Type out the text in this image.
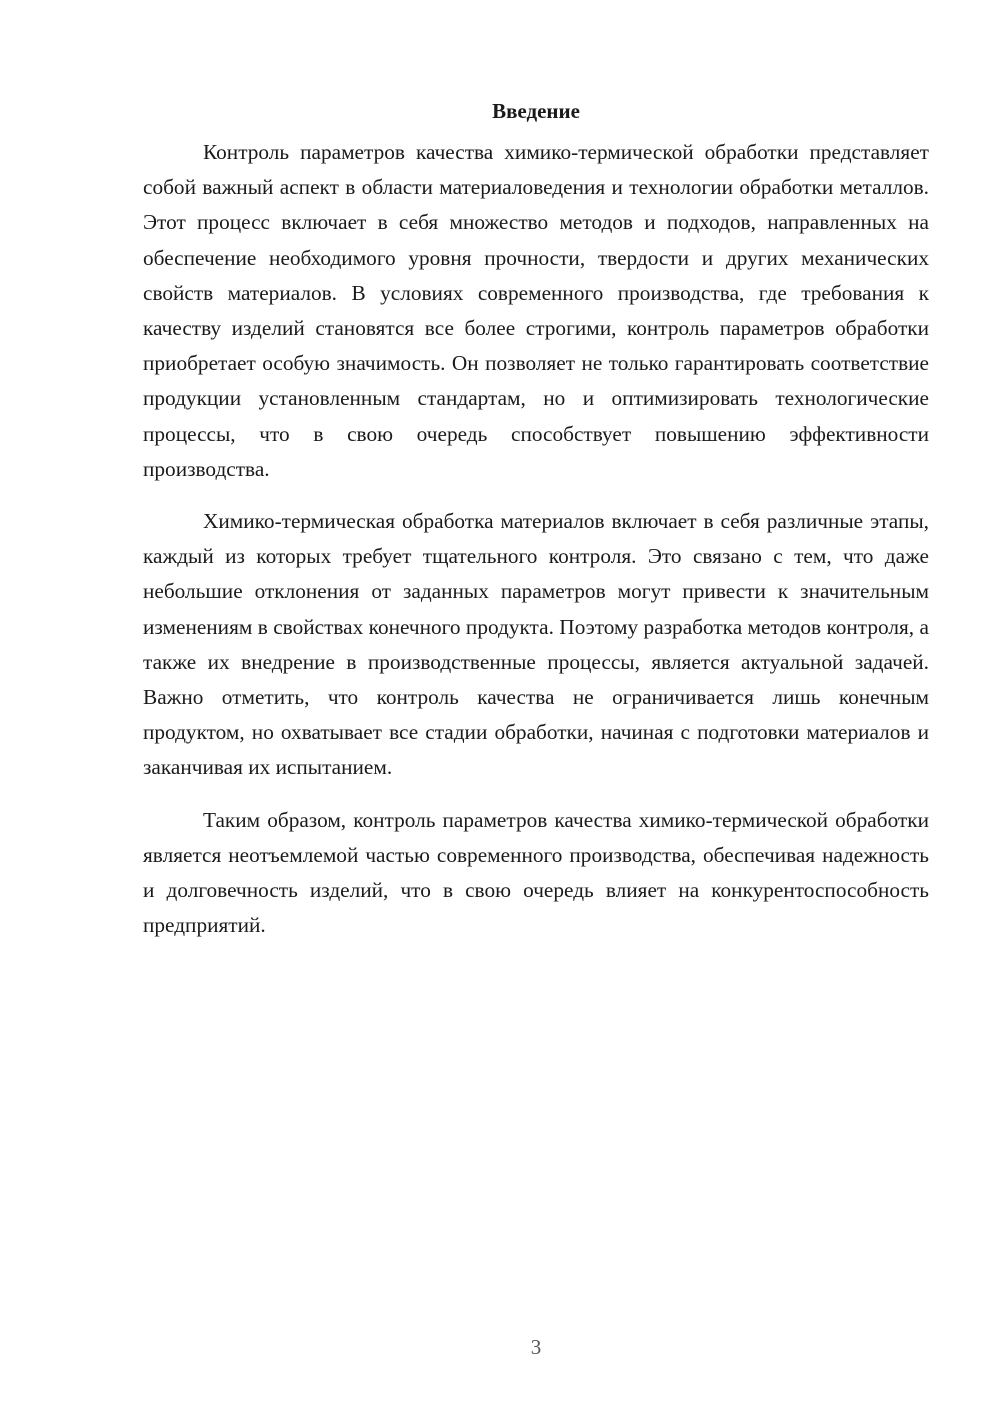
Введение

Контроль параметров качества химико-термической обработки представляет собой важный аспект в области материаловедения и технологии обработки металлов. Этот процесс включает в себя множество методов и подходов, направленных на обеспечение необходимого уровня прочности, твердости и других механических свойств материалов. В условиях современного производства, где требования к качеству изделий становятся все более строгими, контроль параметров обработки приобретает особую значимость. Он позволяет не только гарантировать соответствие продукции установленным стандартам, но и оптимизировать технологические процессы, что в свою очередь способствует повышению эффективности производства.

Химико-термическая обработка материалов включает в себя различные этапы, каждый из которых требует тщательного контроля. Это связано с тем, что даже небольшие отклонения от заданных параметров могут привести к значительным изменениям в свойствах конечного продукта. Поэтому разработка методов контроля, а также их внедрение в производственные процессы, является актуальной задачей. Важно отметить, что контроль качества не ограничивается лишь конечным продуктом, но охватывает все стадии обработки, начиная с подготовки материалов и заканчивая их испытанием.

Таким образом, контроль параметров качества химико-термической обработки является неотъемлемой частью современного производства, обеспечивая надежность и долговечность изделий, что в свою очередь влияет на конкурентоспособность предприятий.

3
